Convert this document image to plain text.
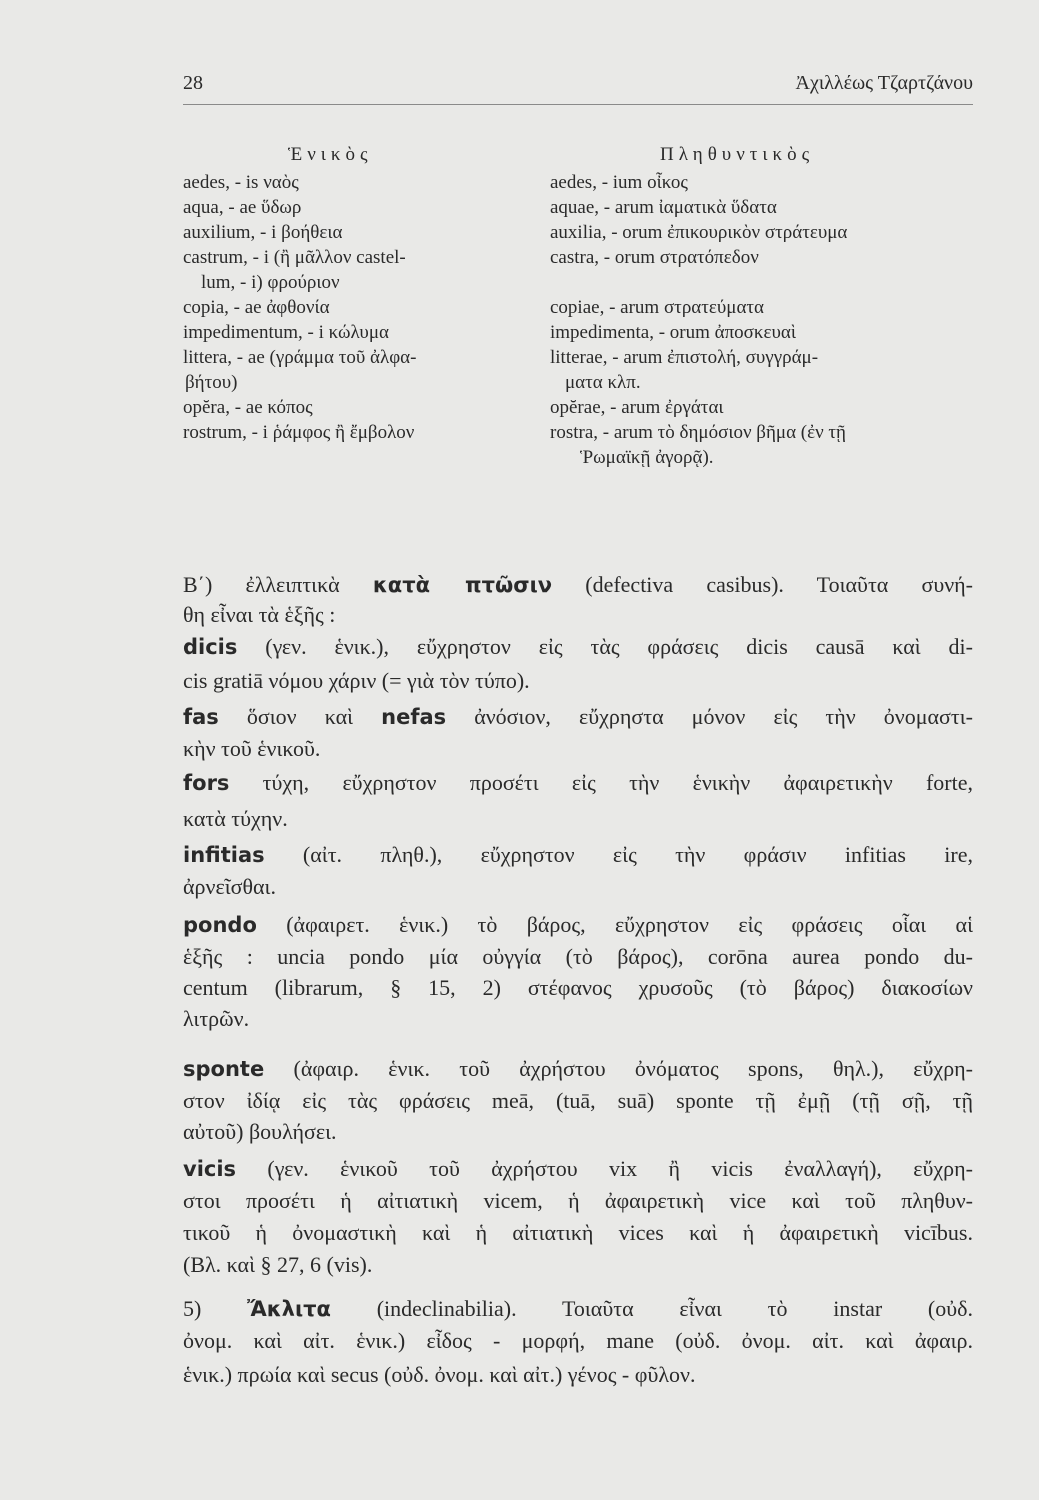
28	Ἀχιλλέως Τζαρτζάνου
Ἑνικὸς	Πληθυντικὸς
aedes, - is ναὸς
aqua, - ae ὕδωρ
auxilium, - i βοήθεια
castrum, - i (ἢ μᾶλλον castel-
lum, - i) φρούριον
copia, - ae ἀφθονία
impedimentum, - i κώλυμα
littera, - ae (γράμμα τοῦ ἀλφα-
βήτου)
opĕra, - ae κόπος
rostrum, - i ῥάμφος ἢ ἔμβολον
aedes, - ium οἶκος
aquae, - arum ἰαματικὰ ὕδατα
auxilia, - orum ἐπικουρικὸν στράτευμα
castra, - orum στρατόπεδον
copiae, - arum στρατεύματα
impedimenta, - orum ἀποσκευαὶ
litterae, - arum ἐπιστολή, συγγράμ-
ματα κλπ.
opĕrae, - arum ἐργάται
rostra, - arum τὸ δημόσιον βῆμα (ἐν τῇ
Ῥωμαϊκῇ ἀγορᾷ).
B΄) ἐλλειπτικὰ κατὰ πτῶσιν (defectiva casibus). Τοιαῦτα συνή-
θη εἶναι τὰ ἑξῆς :
dicis (γεν. ἑνικ.), εὔχρηστον εἰς τὰς φράσεις dicis causā καὶ di-
cis gratiā νόμου χάριν (= γιὰ τὸν τύπο).
fas ὅσιον καὶ nefas ἀνόσιον, εὔχρηστα μόνον εἰς τὴν ὀνομαστι-
κὴν τοῦ ἑνικοῦ.
fors τύχη, εὔχρηστον προσέτι εἰς τὴν ἑνικὴν ἀφαιρετικὴν forte,
κατὰ τύχην.
infitias (αἰτ. πληθ.), εὔχρηστον εἰς τὴν φράσιν infitias ire,
ἀρνεῖσθαι.
pondo (ἀφαιρετ. ἑνικ.) τὸ βάρος, εὔχρηστον εἰς φράσεις οἷαι αἱ
ἑξῆς : uncia pondo μία οὐγγία (τὸ βάρος), corōna aurea pondo du-
centum (librarum, § 15, 2) στέφανος χρυσοῦς (τὸ βάρος) διακοσίων
λιτρῶν.
sponte (ἀφαιρ. ἑνικ. τοῦ ἀχρήστου ὀνόματος spons, θηλ.), εὔχρη-
στον ἰδίᾳ εἰς τὰς φράσεις meā, (tuā, suā) sponte τῇ ἐμῇ (τῇ σῇ, τῇ
αὐτοῦ) βουλήσει.
vicis (γεν. ἑνικοῦ τοῦ ἀχρήστου vix ἢ vicis ἐναλλαγή), εὔχρη-
στοι προσέτι ἡ αἰτιατικὴ vicem, ἡ ἀφαιρετικὴ vice καὶ τοῦ πληθυν-
τικοῦ ἡ ὀνομαστικὴ καὶ ἡ αἰτιατικὴ vices καὶ ἡ ἀφαιρετικὴ vicībus.
(Βλ. καὶ § 27, 6 (vis).
5) Ἄκλιτα (indeclinabilia). Τοιαῦτα εἶναι τὸ instar (οὐδ.
ὀνομ. καὶ αἰτ. ἑνικ.) εἶδος - μορφή, mane (οὐδ. ὀνομ. αἰτ. καὶ ἀφαιρ.
ἑνικ.) πρωία καὶ secus (οὐδ. ὀνομ. καὶ αἰτ.) γένος - φῦλον.
